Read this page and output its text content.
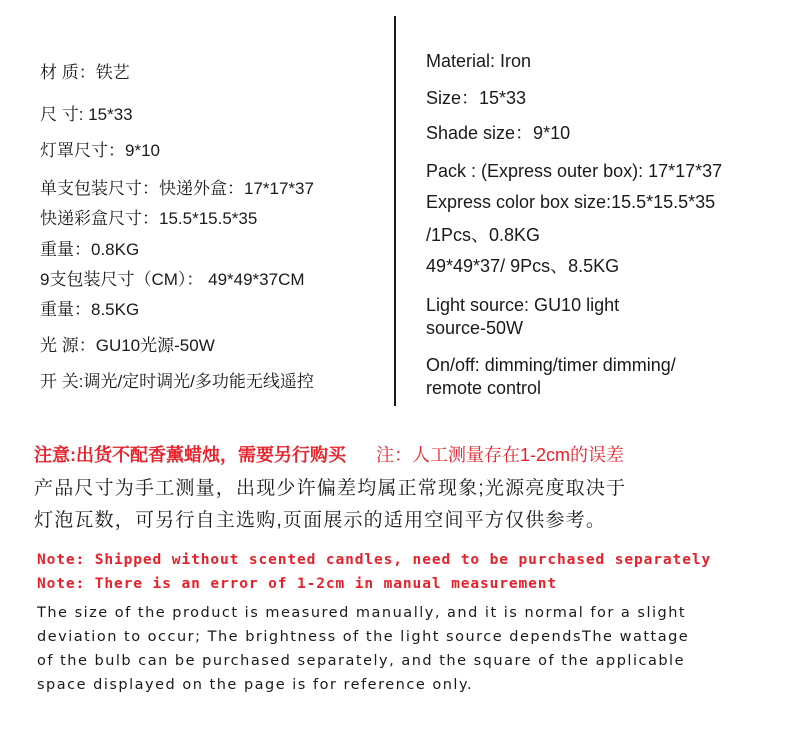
材 质：铁艺
尺 寸: 15*33
灯罩尺寸：9*10
单支包装尺寸：快递外盒：17*17*37
快递彩盒尺寸：15.5*15.5*35
重量：0.8KG
9支包装尺寸（CM）： 49*49*37CM
重量：8.5KG
光 源：GU10光源-50W
开 关:调光/定时调光/多功能无线遥控
Material: Iron
Size：15*33
Shade size：9*10
Pack : (Express outer box): 17*17*37
Express color box size:15.5*15.5*35
/1Pcs、0.8KG
49*49*37/ 9Pcs、8.5KG
Light source: GU10 light
source-50W
On/off: dimming/timer dimming/
remote control
注意:出货不配香薰蜡烛，需要另行购买 注：人工测量存在1-2cm的误差
产品尺寸为手工测量，出现少许偏差均属正常现象;光源亮度取决于
灯泡瓦数，可另行自主选购,页面展示的适用空间平方仅供参考。
Note: Shipped without scented candles, need to be purchased separately
Note: There is an error of 1-2cm in manual measurement
The size of the product is measured manually, and it is normal for a slight
deviation to occur; The brightness of the light source dependsThe wattage
of the bulb can be purchased separately, and the square of the applicable
space displayed on the page is for reference only.
